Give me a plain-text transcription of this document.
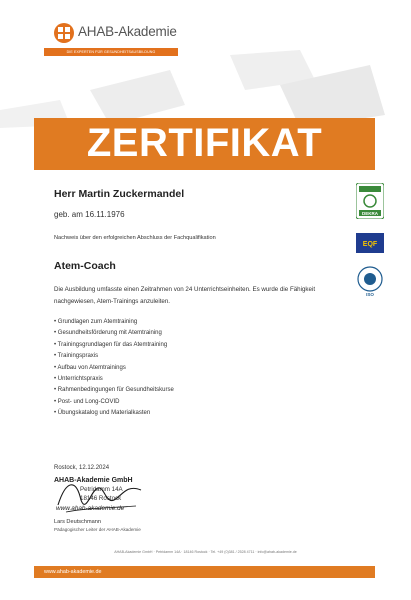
AHAB-Akademie
DIE EXPERTEN FÜR GESUNDHEITSAUSBILDUNG
ZERTIFIKAT
Herr Martin Zuckermandel
geb. am 16.11.1976
Nachweis über den erfolgreichen Abschluss der Fachqualifikation
Atem-Coach
Die Ausbildung umfasste einen Zeitrahmen von 24 Unterrichtseinheiten. Es wurde die Fähigkeit nachgewiesen, Atem-Trainings anzuleiten.
• Grundlagen zum Atemtraining
• Gesundheitsförderung mit Atemtraining
• Trainingsgrundlagen für das Atemtraining
• Trainingspraxis
• Aufbau von Atemtrainings
• Unterrichtspraxis
• Rahmenbedingungen für Gesundheitskurse
• Post- und Long-COVID
• Übungskatalog und Materialkasten
DEKRA
EQF
ISO
Rostock, 12.12.2024
AHAB-Akademie GmbH
Petridamm 14A
18146 Rostock
www.ahab-akademie.de
Lars Deutschmann
Pädagogischer Leiter der AHAB-Akademie
AHAB-Akademie GmbH · Petridamm 14A · 18146 Rostock · Tel. +49 (0)381 / 2528 4711 · info@ahab-akademie.de
www.ahab-akademie.de
